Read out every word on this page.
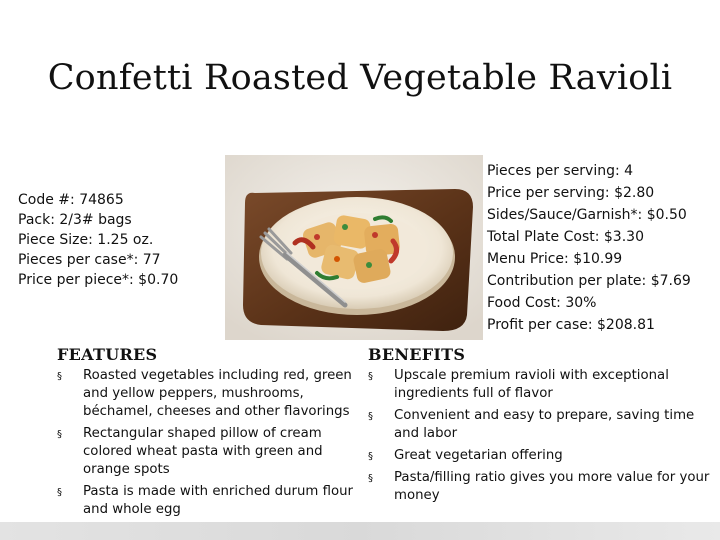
Confetti Roasted Vegetable Ravioli
Code #: 74865
Pack: 2/3# bags
Piece Size: 1.25 oz.
Pieces per case*: 77
Price per piece*: $0.70
Pieces per serving: 4
Price per serving: $2.80
Sides/Sauce/Garnish*: $0.50
Total Plate Cost: $3.30
Menu Price: $10.99
Contribution per plate: $7.69
Food Cost: 30%
Profit per case: $208.81
FEATURES	BENEFITS
§ Roasted vegetables including red, green and yellow peppers, mushrooms, béchamel, cheeses and other flavorings
§ Rectangular shaped pillow of cream colored wheat pasta with green and orange spots
§ Pasta is made with enriched durum flour and whole egg
§ Upscale premium ravioli with exceptional ingredients full of flavor
§ Convenient and easy to prepare, saving time and labor
§ Great vegetarian offering
§ Pasta/filling ratio gives you more value for your money
